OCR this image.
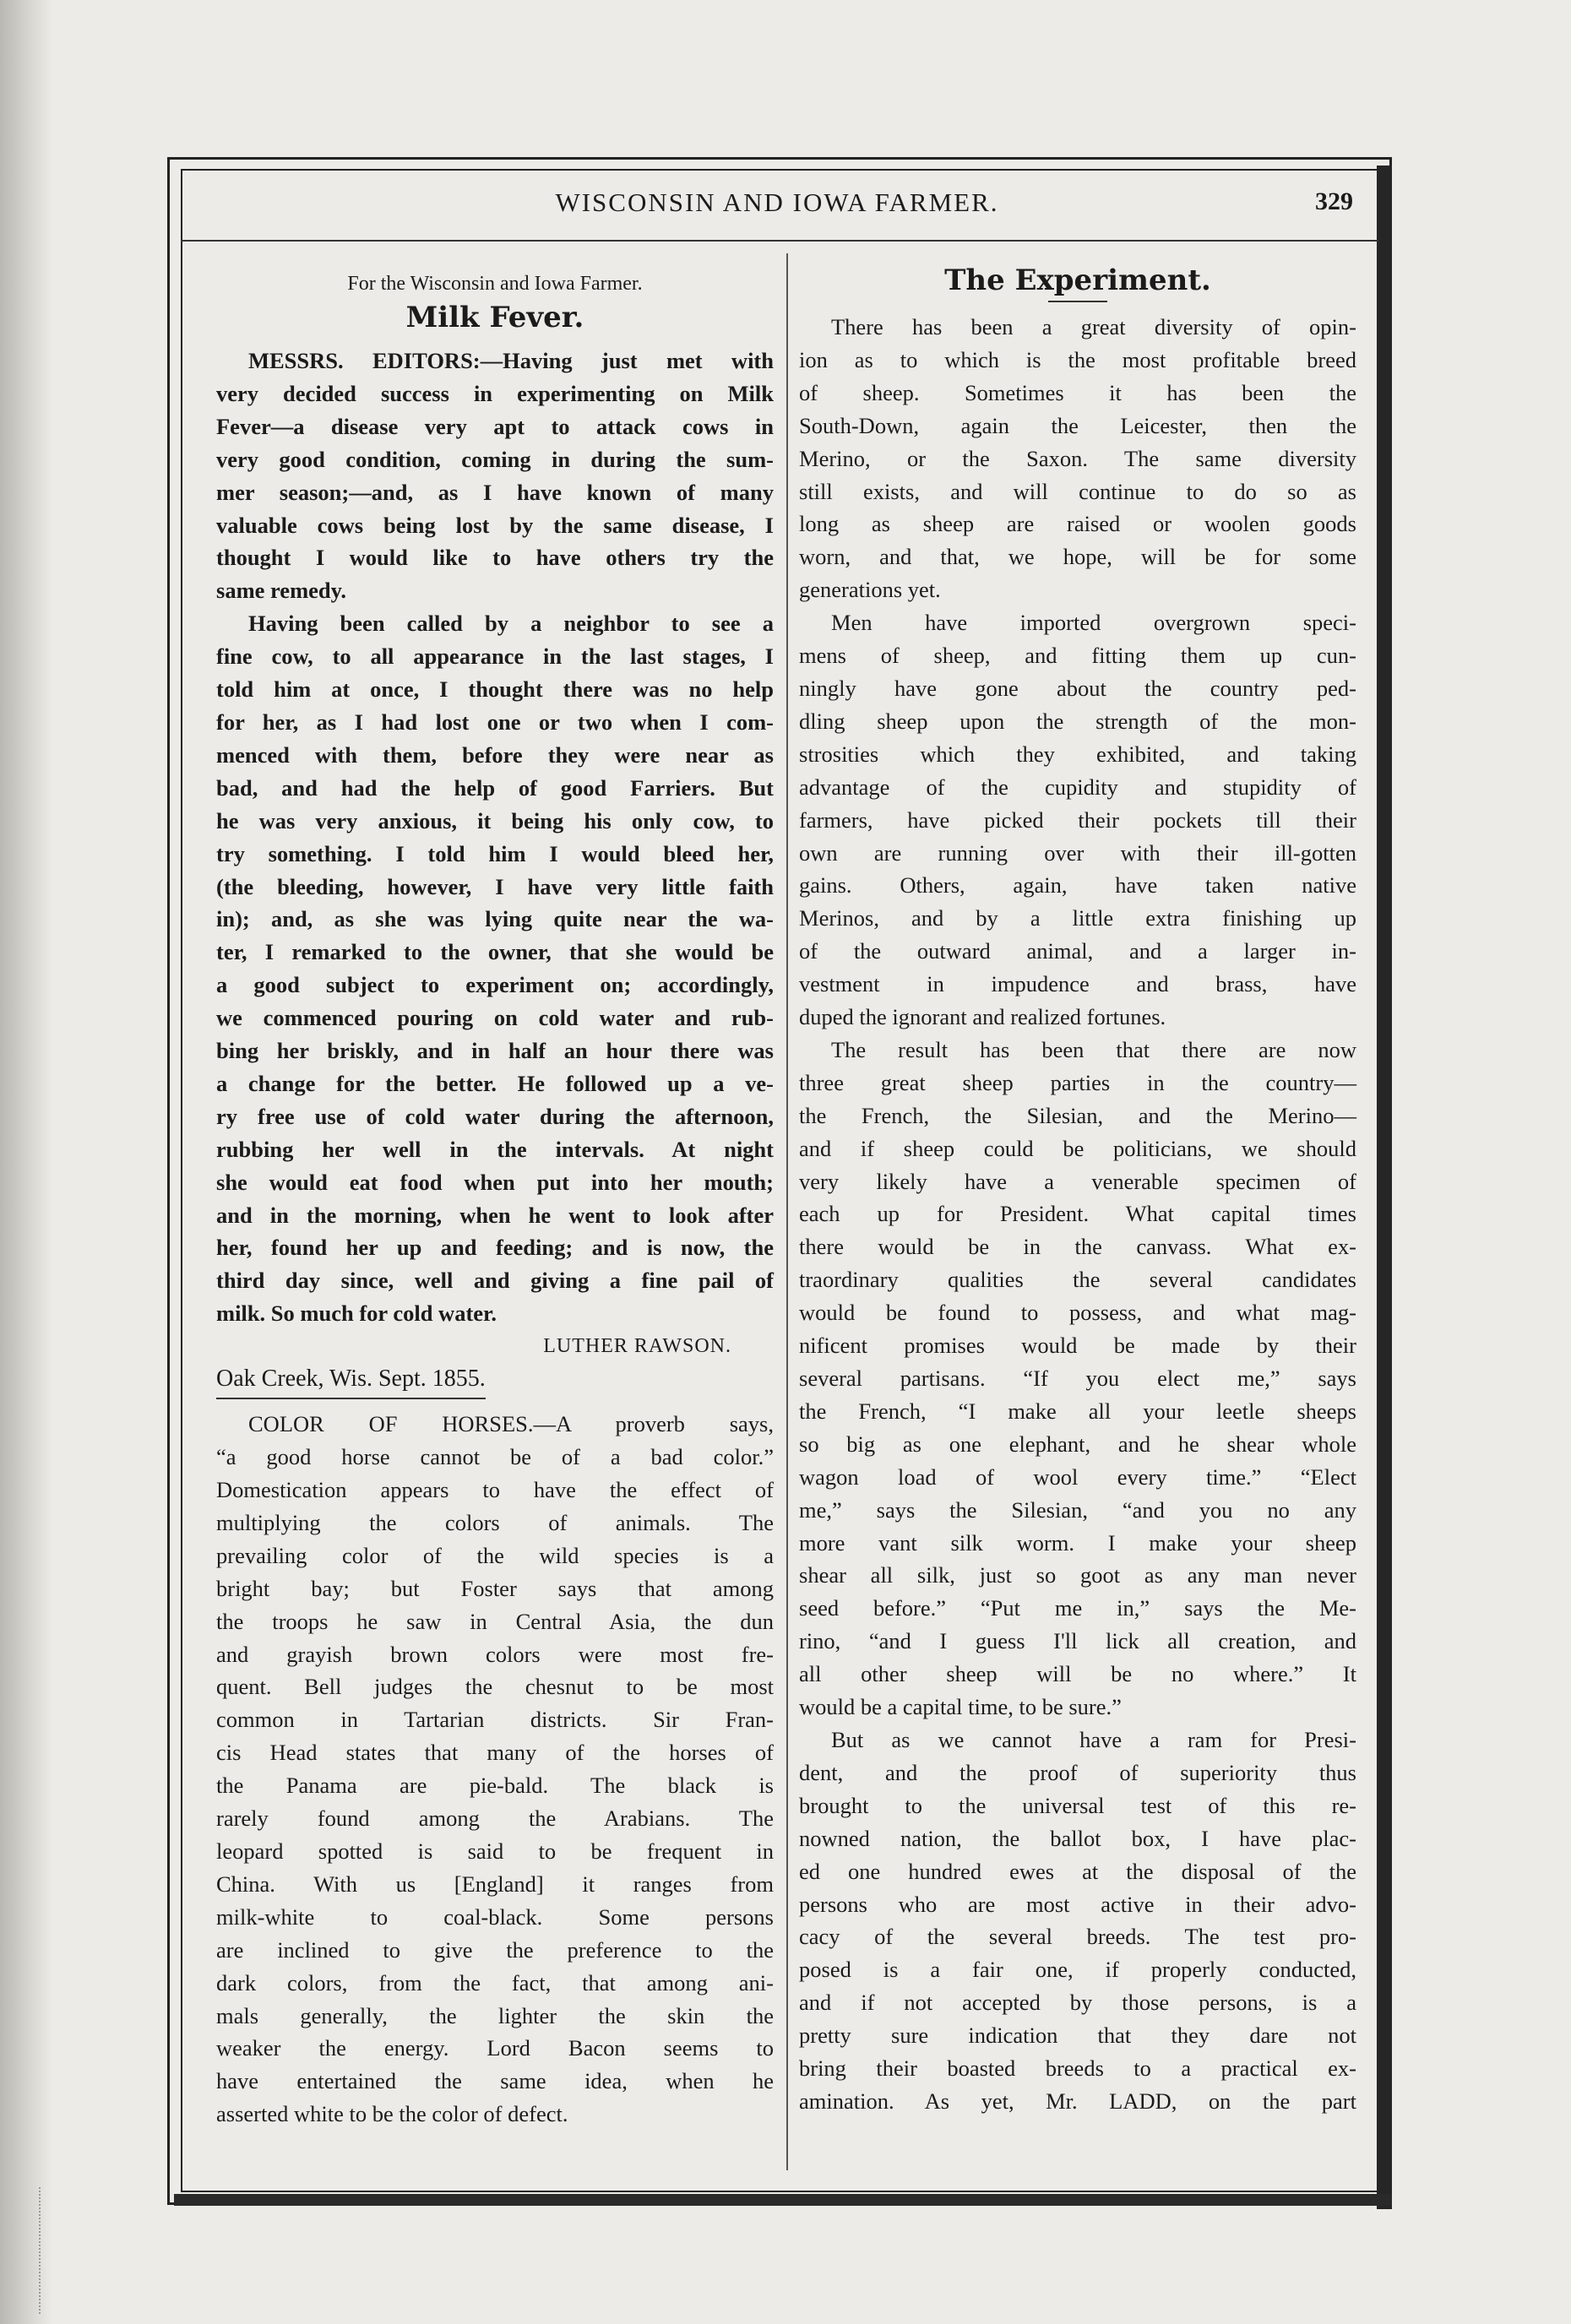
WISCONSIN AND IOWA FARMER.	329
For the Wisconsin and Iowa Farmer.
Milk Fever.
MESSRS. EDITORS:—Having just met with
very decided success in experimenting on Milk
Fever—a disease very apt to attack cows in
very good condition, coming in during the sum-
mer season;—and, as I have known of many
valuable cows being lost by the same disease, I
thought I would like to have others try the
same remedy.
Having been called by a neighbor to see a
fine cow, to all appearance in the last stages, I
told him at once, I thought there was no help
for her, as I had lost one or two when I com-
menced with them, before they were near as
bad, and had the help of good Farriers. But
he was very anxious, it being his only cow, to
try something. I told him I would bleed her,
(the bleeding, however, I have very little faith
in); and, as she was lying quite near the wa-
ter, I remarked to the owner, that she would be
a good subject to experiment on; accordingly,
we commenced pouring on cold water and rub-
bing her briskly, and in half an hour there was
a change for the better. He followed up a ve-
ry free use of cold water during the afternoon,
rubbing her well in the intervals. At night
she would eat food when put into her mouth;
and in the morning, when he went to look after
her, found her up and feeding; and is now, the
third day since, well and giving a fine pail of
milk. So much for cold water.
LUTHER RAWSON.
Oak Creek, Wis. Sept. 1855.
COLOR OF HORSES.—A proverb says,
“a good horse cannot be of a bad color.”
Domestication appears to have the effect of
multiplying the colors of animals. The
prevailing color of the wild species is a
bright bay; but Foster says that among
the troops he saw in Central Asia, the dun
and grayish brown colors were most fre-
quent. Bell judges the chesnut to be most
common in Tartarian districts. Sir Fran-
cis Head states that many of the horses of
the Panama are pie-bald. The black is
rarely found among the Arabians. The
leopard spotted is said to be frequent in
China. With us [England] it ranges from
milk-white to coal-black. Some persons
are inclined to give the preference to the
dark colors, from the fact, that among ani-
mals generally, the lighter the skin the
weaker the energy. Lord Bacon seems to
have entertained the same idea, when he
asserted white to be the color of defect.
The Experiment.
There has been a great diversity of opin-
ion as to which is the most profitable breed
of sheep. Sometimes it has been the
South-Down, again the Leicester, then the
Merino, or the Saxon. The same diversity
still exists, and will continue to do so as
long as sheep are raised or woolen goods
worn, and that, we hope, will be for some
generations yet.
Men have imported overgrown speci-
mens of sheep, and fitting them up cun-
ningly have gone about the country ped-
dling sheep upon the strength of the mon-
strosities which they exhibited, and taking
advantage of the cupidity and stupidity of
farmers, have picked their pockets till their
own are running over with their ill-gotten
gains. Others, again, have taken native
Merinos, and by a little extra finishing up
of the outward animal, and a larger in-
vestment in impudence and brass, have
duped the ignorant and realized fortunes.
The result has been that there are now
three great sheep parties in the country—
the French, the Silesian, and the Merino—
and if sheep could be politicians, we should
very likely have a venerable specimen of
each up for President. What capital times
there would be in the canvass. What ex-
traordinary qualities the several candidates
would be found to possess, and what mag-
nificent promises would be made by their
several partisans. “If you elect me,” says
the French, “I make all your leetle sheeps
so big as one elephant, and he shear whole
wagon load of wool every time.” “Elect
me,” says the Silesian, “and you no any
more vant silk worm. I make your sheep
shear all silk, just so goot as any man never
seed before.” “Put me in,” says the Me-
rino, “and I guess I'll lick all creation, and
all other sheep will be no where.” It
would be a capital time, to be sure.”
But as we cannot have a ram for Presi-
dent, and the proof of superiority thus
brought to the universal test of this re-
nowned nation, the ballot box, I have plac-
ed one hundred ewes at the disposal of the
persons who are most active in their advo-
cacy of the several breeds. The test pro-
posed is a fair one, if properly conducted,
and if not accepted by those persons, is a
pretty sure indication that they dare not
bring their boasted breeds to a practical ex-
amination. As yet, Mr. LADD, on the part
